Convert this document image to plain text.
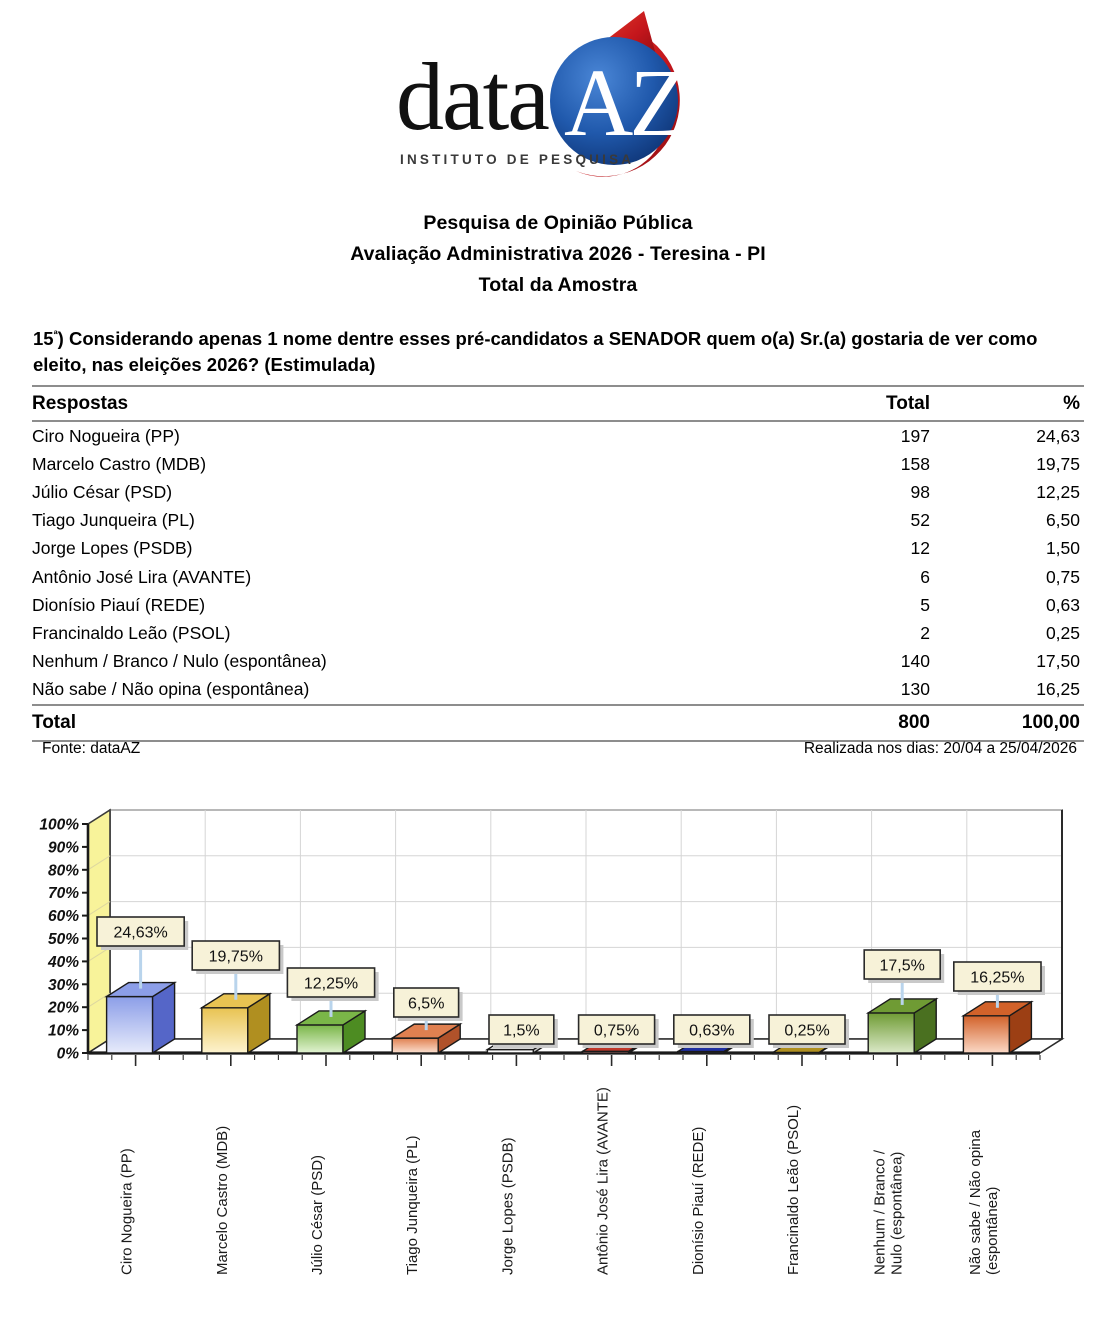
data AZ
INSTITUTO DE PESQUISA
Pesquisa de Opinião Pública
Avaliação Administrativa 2026 - Teresina - PI
Total da Amostra
$15^ª$) Considerando apenas 1 nome dentre esses pré-candidatos a SENADOR quem o(a) Sr.(a) gostaria de ver como eleito, nas eleições 2026? (Estimulada)
Respostas	Total	%
Ciro Nogueira (PP)	197	24,63
Marcelo Castro (MDB)	158	19,75
Júlio César (PSD)	98	12,25
Tiago Junqueira (PL)	52	6,50
Jorge Lopes (PSDB)	12	1,50
Antônio José Lira (AVANTE)	6	0,75
Dionísio Piauí (REDE)	5	0,63
Francinaldo Leão (PSOL)	2	0,25
Nenhum / Branco / Nulo (espontânea)	140	17,50
Não sabe / Não opina (espontânea)	130	16,25
Total	800	100,00
Fonte: dataAZ	Realizada nos dias: 20/04 a 25/04/2026
100%
90%
80%
70%
60%
50%
40%
30%
20%
10%
0%
24,63%
19,75%
12,25%
6,5%
1,5%	0,75%	0,63%	0,25%
17,5%
16,25%
Ciro Nogueira (PP)	Marcelo Castro (MDB)	Júlio César (PSD)	Tiago Junqueira (PL)	Jorge Lopes (PSDB)	Antônio José Lira (AVANTE)	Dionísio Piauí (REDE)	Francinaldo Leão (PSOL)	Nenhum / Branco / Nulo (espontânea)	Não sabe / Não opina (espontânea)
